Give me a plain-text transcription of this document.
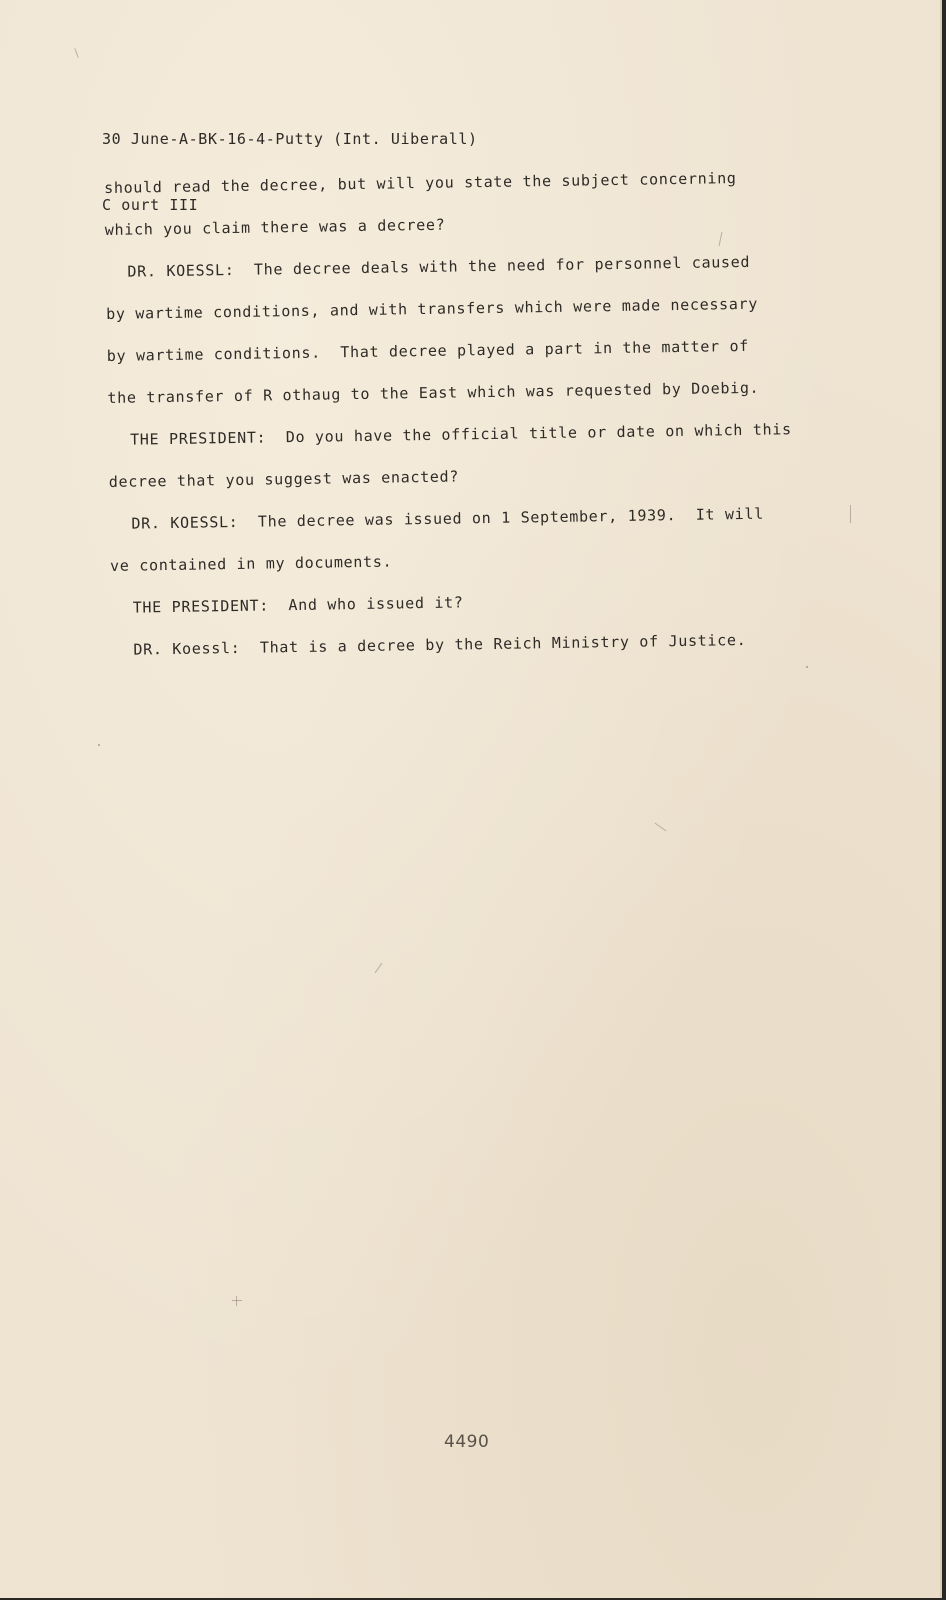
30 June-A-BK-16-4-Putty (Int. Uiberall)

C ourt III

should read the decree, but will you state the subject concerning
which you claim there was a decree?
DR. KOESSL:  The decree deals with the need for personnel caused
by wartime conditions, and with transfers which were made necessary
by wartime conditions.  That decree played a part in the matter of
the transfer of R othaug to the East which was requested by Doebig.
THE PRESIDENT:  Do you have the official title or date on which this
decree that you suggest was enacted?
DR. KOESSL:  The decree was issued on 1 September, 1939.  It will
ve contained in my documents.
THE PRESIDENT:  And who issued it?
DR. Koessl:  That is a decree by the Reich Ministry of Justice.
4490
